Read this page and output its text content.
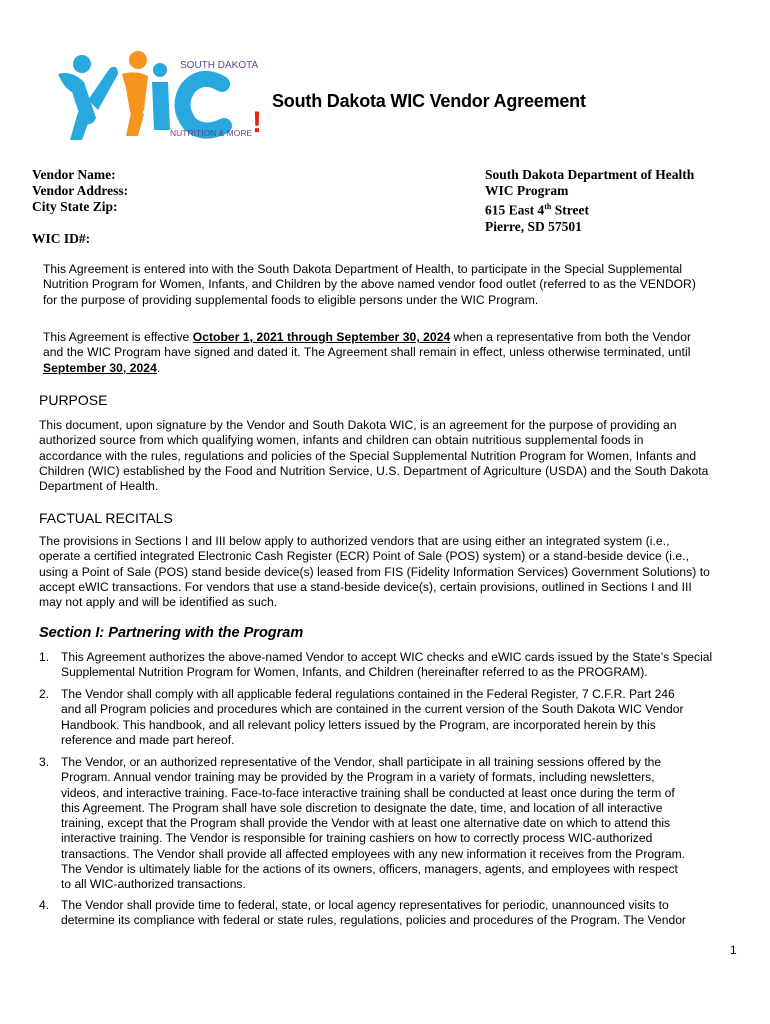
SOUTH DAKOTA
NUTRITION & MORE !
South Dakota WIC Vendor Agreement
Vendor Name:
Vendor Address:
City State Zip:
South Dakota Department of Health
WIC Program
615 East 4th Street
Pierre, SD 57501
WIC ID#:
This Agreement is entered into with the South Dakota Department of Health, to participate in the Special Supplemental
Nutrition Program for Women, Infants, and Children by the above named vendor food outlet (referred to as the VENDOR)
for the purpose of providing supplemental foods to eligible persons under the WIC Program.
This Agreement is effective October 1, 2021 through September 30, 2024 when a representative from both the Vendor
and the WIC Program have signed and dated it. The Agreement shall remain in effect, unless otherwise terminated, until
September 30, 2024.
PURPOSE
This document, upon signature by the Vendor and South Dakota WIC, is an agreement for the purpose of providing an
authorized source from which qualifying women, infants and children can obtain nutritious supplemental foods in
accordance with the rules, regulations and policies of the Special Supplemental Nutrition Program for Women, Infants and
Children (WIC) established by the Food and Nutrition Service, U.S. Department of Agriculture (USDA) and the South Dakota
Department of Health.
FACTUAL RECITALS
The provisions in Sections I and III below apply to authorized vendors that are using either an integrated system (i.e.,
operate a certified integrated Electronic Cash Register (ECR) Point of Sale (POS) system) or a stand-beside device (i.e.,
using a Point of Sale (POS) stand beside device(s) leased from FIS (Fidelity Information Services) Government Solutions) to
accept eWIC transactions. For vendors that use a stand-beside device(s), certain provisions, outlined in Sections I and III
may not apply and will be identified as such.
Section I: Partnering with the Program
1. This Agreement authorizes the above-named Vendor to accept WIC checks and eWIC cards issued by the State’s Special
Supplemental Nutrition Program for Women, Infants, and Children (hereinafter referred to as the PROGRAM).
2. The Vendor shall comply with all applicable federal regulations contained in the Federal Register, 7 C.F.R. Part 246
and all Program policies and procedures which are contained in the current version of the South Dakota WIC Vendor
Handbook. This handbook, and all relevant policy letters issued by the Program, are incorporated herein by this
reference and made part hereof.
3. The Vendor, or an authorized representative of the Vendor, shall participate in all training sessions offered by the
Program. Annual vendor training may be provided by the Program in a variety of formats, including newsletters,
videos, and interactive training. Face-to-face interactive training shall be conducted at least once during the term of
this Agreement. The Program shall have sole discretion to designate the date, time, and location of all interactive
training, except that the Program shall provide the Vendor with at least one alternative date on which to attend this
interactive training. The Vendor is responsible for training cashiers on how to correctly process WIC-authorized
transactions. The Vendor shall provide all affected employees with any new information it receives from the Program.
The Vendor is ultimately liable for the actions of its owners, officers, managers, agents, and employees with respect
to all WIC-authorized transactions.
4. The Vendor shall provide time to federal, state, or local agency representatives for periodic, unannounced visits to
determine its compliance with federal or state rules, regulations, policies and procedures of the Program. The Vendor
1
